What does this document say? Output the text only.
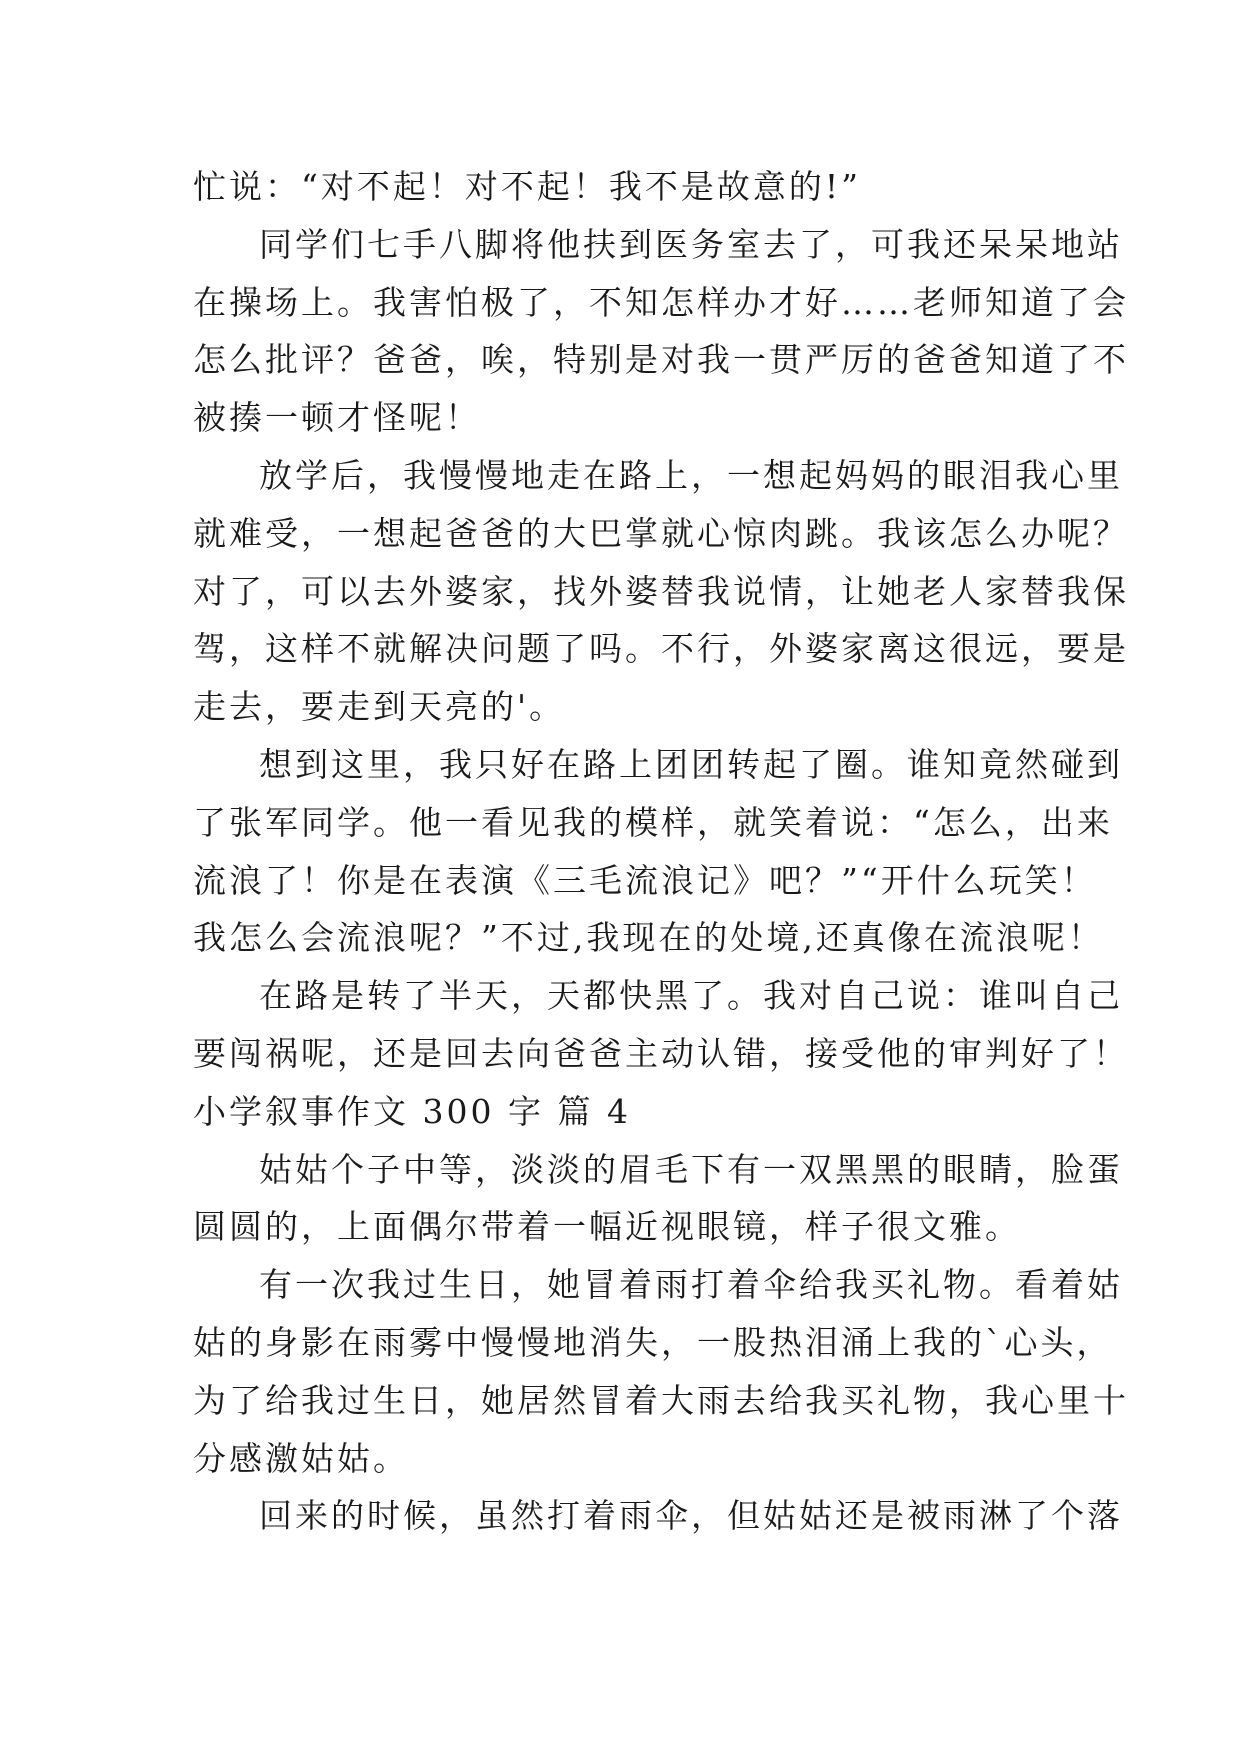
忙说：“对不起！对不起！我不是故意的!”
同学们七手八脚将他扶到医务室去了，可我还呆呆地站
在操场上。我害怕极了，不知怎样办才好……老师知道了会
怎么批评？爸爸，唉，特别是对我一贯严厉的爸爸知道了不
被揍一顿才怪呢！
放学后，我慢慢地走在路上，一想起妈妈的眼泪我心里
就难受，一想起爸爸的大巴掌就心惊肉跳。我该怎么办呢？
对了，可以去外婆家，找外婆替我说情，让她老人家替我保
驾，这样不就解决问题了吗。不行，外婆家离这很远，要是
走去，要走到天亮的'。
想到这里，我只好在路上团团转起了圈。谁知竟然碰到
了张军同学。他一看见我的模样，就笑着说：“怎么，出来
流浪了！你是在表演《三毛流浪记》吧？”“开什么玩笑！
我怎么会流浪呢？”不过,我现在的处境,还真像在流浪呢！
在路是转了半天，天都快黑了。我对自己说：谁叫自己
要闯祸呢，还是回去向爸爸主动认错，接受他的审判好了！
小学叙事作文 300 字 篇 4
姑姑个子中等，淡淡的眉毛下有一双黑黑的眼睛，脸蛋
圆圆的，上面偶尔带着一幅近视眼镜，样子很文雅。
有一次我过生日，她冒着雨打着伞给我买礼物。看着姑
姑的身影在雨雾中慢慢地消失，一股热泪涌上我的`心头，
为了给我过生日，她居然冒着大雨去给我买礼物，我心里十
分感激姑姑。
回来的时候，虽然打着雨伞，但姑姑还是被雨淋了个落
